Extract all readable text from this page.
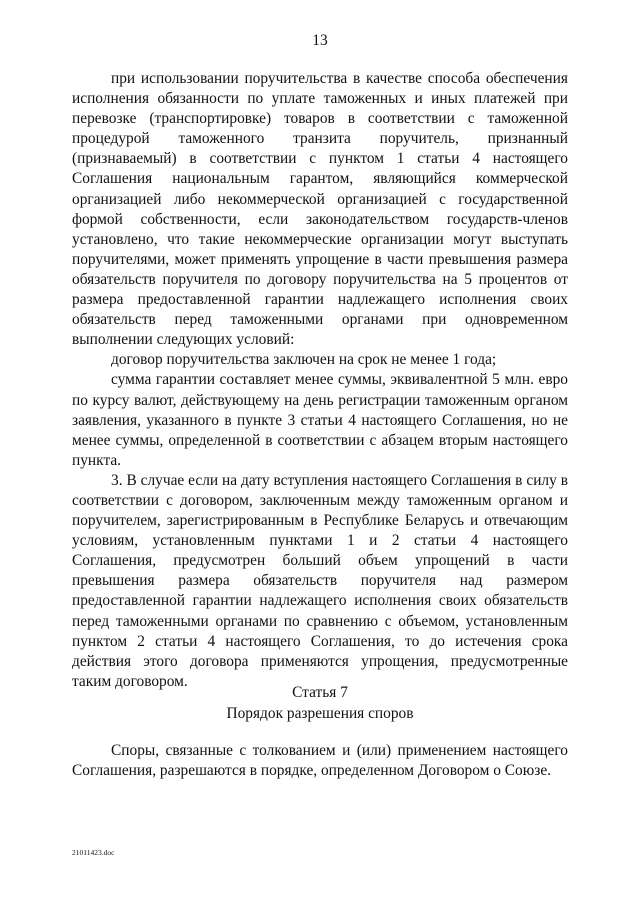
13

при использовании поручительства в качестве способа обеспечения исполнения обязанности по уплате таможенных и иных платежей при перевозке (транспортировке) товаров в соответствии с таможенной процедурой таможенного транзита поручитель, признанный (признаваемый) в соответствии с пунктом 1 статьи 4 настоящего Соглашения национальным гарантом, являющийся коммерческой организацией либо некоммерческой организацией с государственной формой собственности, если законодательством государств-членов установлено, что такие некоммерческие организации могут выступать поручителями, может применять упрощение в части превышения размера обязательств поручителя по договору поручительства на 5 процентов от размера предоставленной гарантии надлежащего исполнения своих обязательств перед таможенными органами при одновременном выполнении следующих условий:

договор поручительства заключен на срок не менее 1 года;

сумма гарантии составляет менее суммы, эквивалентной 5 млн. евро по курсу валют, действующему на день регистрации таможенным органом заявления, указанного в пункте 3 статьи 4 настоящего Соглашения, но не менее суммы, определенной в соответствии с абзацем вторым настоящего пункта.

3. В случае если на дату вступления настоящего Соглашения в силу в соответствии с договором, заключенным между таможенным органом и поручителем, зарегистрированным в Республике Беларусь и отвечающим условиям, установленным пунктами 1 и 2 статьи 4 настоящего Соглашения, предусмотрен больший объем упрощений в части превышения размера обязательств поручителя над размером предоставленной гарантии надлежащего исполнения своих обязательств перед таможенными органами по сравнению с объемом, установленным пунктом 2 статьи 4 настоящего Соглашения, то до истечения срока действия этого договора применяются упрощения, предусмотренные таким договором.

Статья 7
Порядок разрешения споров

Споры, связанные с толкованием и (или) применением настоящего Соглашения, разрешаются в порядке, определенном Договором о Союзе.

21011423.doc
